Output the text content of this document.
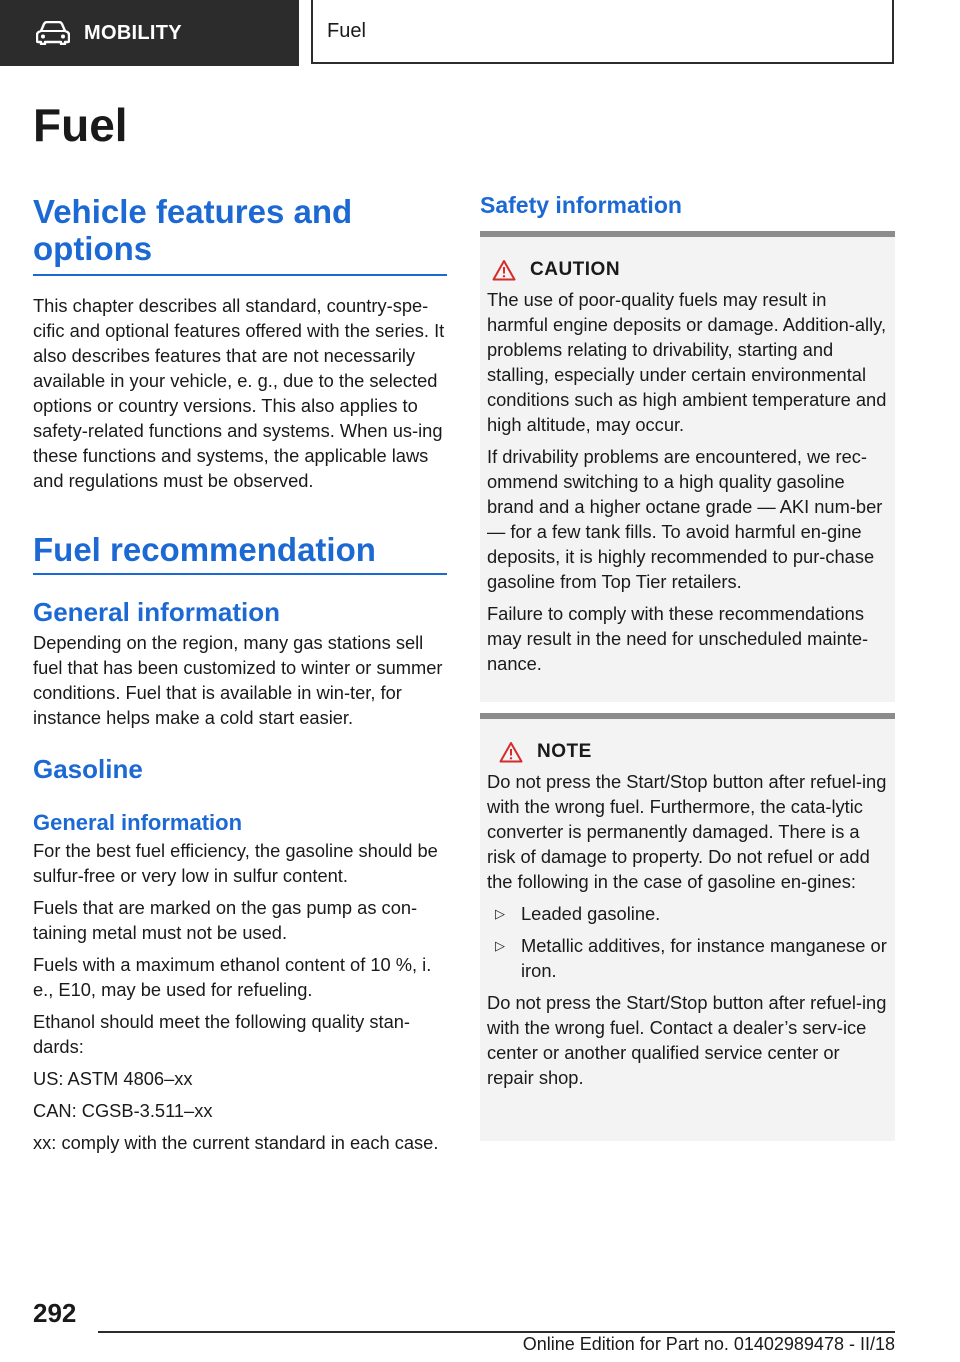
MOBILITY	Fuel
Fuel
Vehicle features and options

This chapter describes all standard, country-spe-cific and optional features offered with the series. It also describes features that are not necessarily available in your vehicle, e. g., due to the selected options or country versions. This also applies to safety-related functions and systems. When us-ing these functions and systems, the applicable laws and regulations must be observed.

Fuel recommendation
General information

Depending on the region, many gas stations sell fuel that has been customized to winter or summer conditions. Fuel that is available in win-ter, for instance helps make a cold start easier.

Gasoline
General information

For the best fuel efficiency, the gasoline should be sulfur-free or very low in sulfur content.

Fuels that are marked on the gas pump as con-taining metal must not be used.

Fuels with a maximum ethanol content of 10 %, i. e., E10, may be used for refueling.

Ethanol should meet the following quality stan-dards:

US: ASTM 4806–xx

CAN: CGSB-3.511–xx

xx: comply with the current standard in each case.

Safety information
CAUTION

The use of poor-quality fuels may result in harmful engine deposits or damage. Addition-ally, problems relating to drivability, starting and stalling, especially under certain environmental conditions such as high ambient temperature and high altitude, may occur.

If drivability problems are encountered, we rec-ommend switching to a high quality gasoline brand and a higher octane grade — AKI num-ber — for a few tank fills. To avoid harmful en-gine deposits, it is highly recommended to pur-chase gasoline from Top Tier retailers.

Failure to comply with these recommendations may result in the need for unscheduled mainte-nance.

NOTE

Do not press the Start/Stop button after refuel-ing with the wrong fuel. Furthermore, the cata-lytic converter is permanently damaged. There is a risk of damage to property. Do not refuel or add the following in the case of gasoline en-gines:

▷ Leaded gasoline.
▷ Metallic additives, for instance manganese or iron.

Do not press the Start/Stop button after refuel-ing with the wrong fuel. Contact a dealer’s serv-ice center or another qualified service center or repair shop.

292
Online Edition for Part no. 01402989478 - II/18
